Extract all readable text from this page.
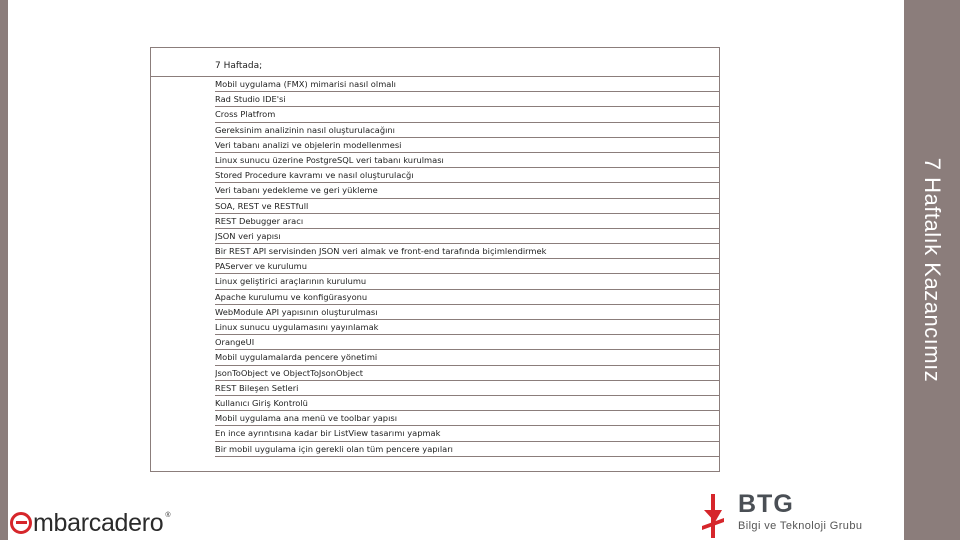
7 Haftalık Kazancımız
7 Haftada;
Mobil uygulama (FMX) mimarisi nasıl olmalı
Rad Studio IDE'si
Cross Platfrom
Gereksinim analizinin nasıl oluşturulacağını
Veri tabanı analizi ve objelerin modellenmesi
Linux sunucu üzerine PostgreSQL veri tabanı kurulması
Stored Procedure kavramı ve nasıl oluşturulacğı
Veri tabanı yedekleme ve geri yükleme
SOA, REST ve RESTfull
REST Debugger aracı
JSON veri yapısı
Bir REST API servisinden JSON veri almak ve front-end tarafında biçimlendirmek
PAServer ve kurulumu
Linux geliştirici araçlarının kurulumu
Apache kurulumu ve konfigürasyonu
WebModule API yapısının oluşturulması
Linux sunucu uygulamasını yayınlamak
OrangeUI
Mobil uygulamalarda pencere yönetimi
JsonToObject ve ObjectToJsonObject
REST Bileşen Setleri
Kullanıcı Giriş Kontrolü
Mobil uygulama ana menü ve toolbar yapısı
En ince ayrıntısına kadar bir ListView tasarımı yapmak
Bir mobil uygulama için gerekli olan tüm pencere yapıları
mbarcadero ®	BTG
Bilgi ve Teknoloji Grubu
